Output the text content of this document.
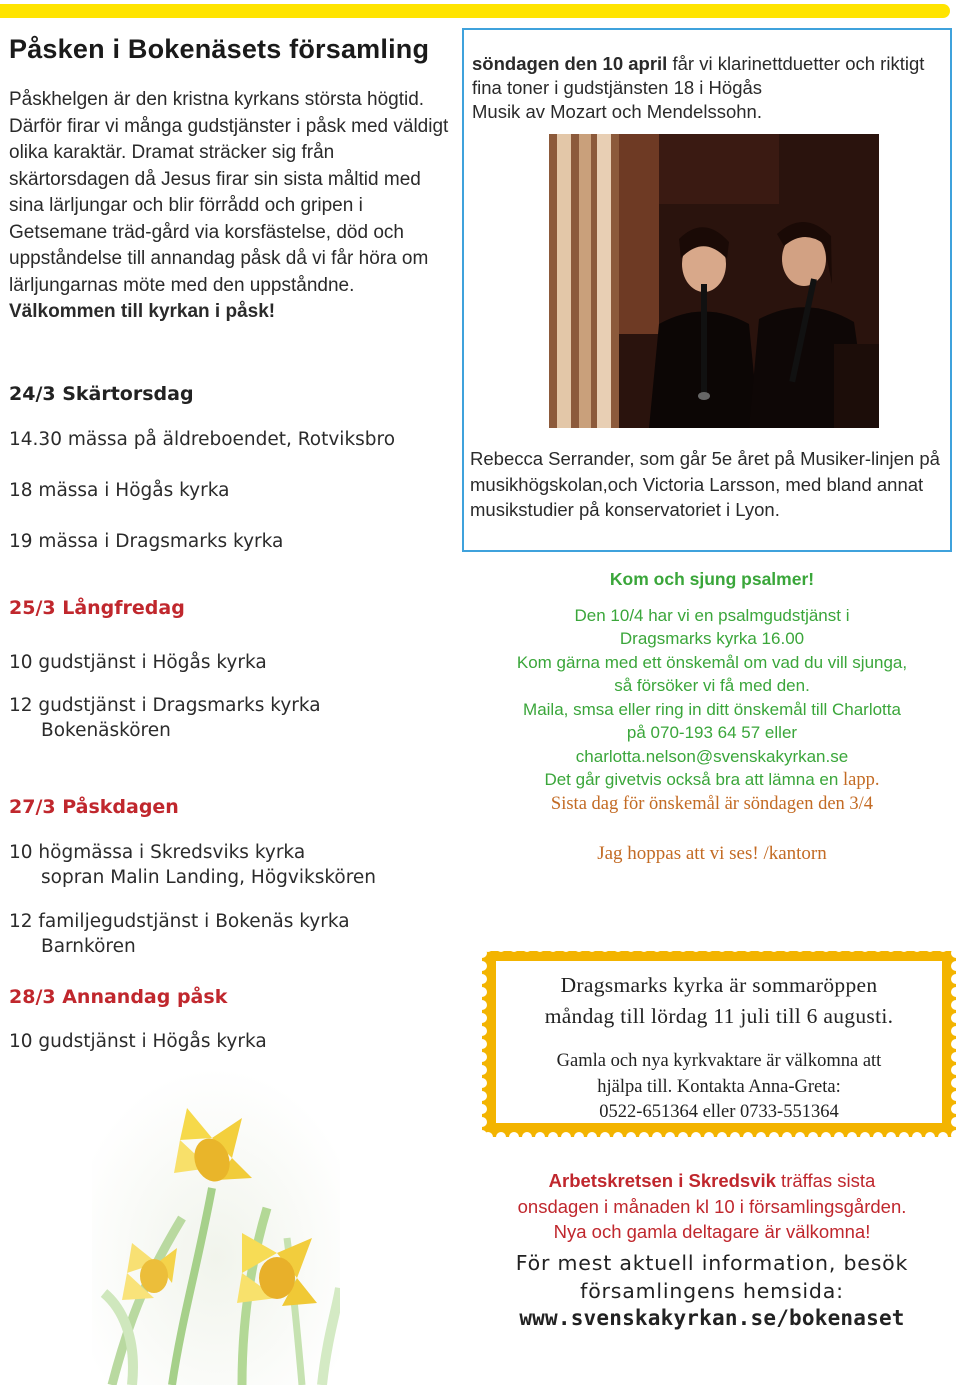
Påsken i Bokenäsets församling
Påskhelgen är den kristna kyrkans största högtid. Därför firar vi många gudstjänster i påsk med väldigt olika karaktär. Dramat sträcker sig från skärtorsdagen då Jesus firar sin sista måltid med sina lärljungar och blir förrådd och gripen i Getsemane träd-gård via korsfästelse, död och uppståndelse till annandag påsk då vi får höra om lärljungarnas möte med den uppståndne.
Välkommen till kyrkan i påsk!
24/3 Skärtorsdag
14.30 mässa på äldreboendet, Rotviksbro
18 mässa i Högås kyrka
19 mässa i Dragsmarks kyrka
25/3 Långfredag
10 gudstjänst i Högås kyrka
12 gudstjänst i Dragsmarks kyrka
Bokenäskören
27/3 Påskdagen
10 högmässa i Skredsviks kyrka
sopran Malin Landing, Högvikskören
12 familjegudstjänst i Bokenäs kyrka
Barnkören
28/3 Annandag påsk
10 gudstjänst i Högås kyrka
söndagen den 10 april får vi klarinettduetter och riktigt fina toner i gudstjänsten 18 i Högås
Musik av Mozart och Mendelssohn.
Rebecca Serrander, som går 5e året på Musiker-linjen på musikhögskolan,och Victoria Larsson, med bland annat musikstudier på konservatoriet i Lyon.
Kom och sjung psalmer!
Den 10/4 har vi en psalmgudstjänst i
Dragsmarks kyrka 16.00
Kom gärna med ett önskemål om vad du vill sjunga,
så försöker vi få med den.
Maila, smsa eller ring in ditt önskemål till Charlotta
på 070-193 64 57 eller
charlotta.nelson@svenskakyrkan.se
Det går givetvis också bra att lämna en lapp.
Sista dag för önskemål är söndagen den 3/4
Jag hoppas att vi ses! /kantorn
Dragsmarks kyrka är sommaröppen
måndag till lördag 11 juli till 6 augusti.
Gamla och nya kyrkvaktare är välkomna att
hjälpa till. Kontakta Anna-Greta:
0522-651364 eller 0733-551364
Arbetskretsen i Skredsvik träffas sista
onsdagen i månaden kl 10 i församlingsgården.
Nya och gamla deltagare är välkomna!
För mest aktuell information, besök
församlingens hemsida:
www.svenskakyrkan.se/bokenaset
